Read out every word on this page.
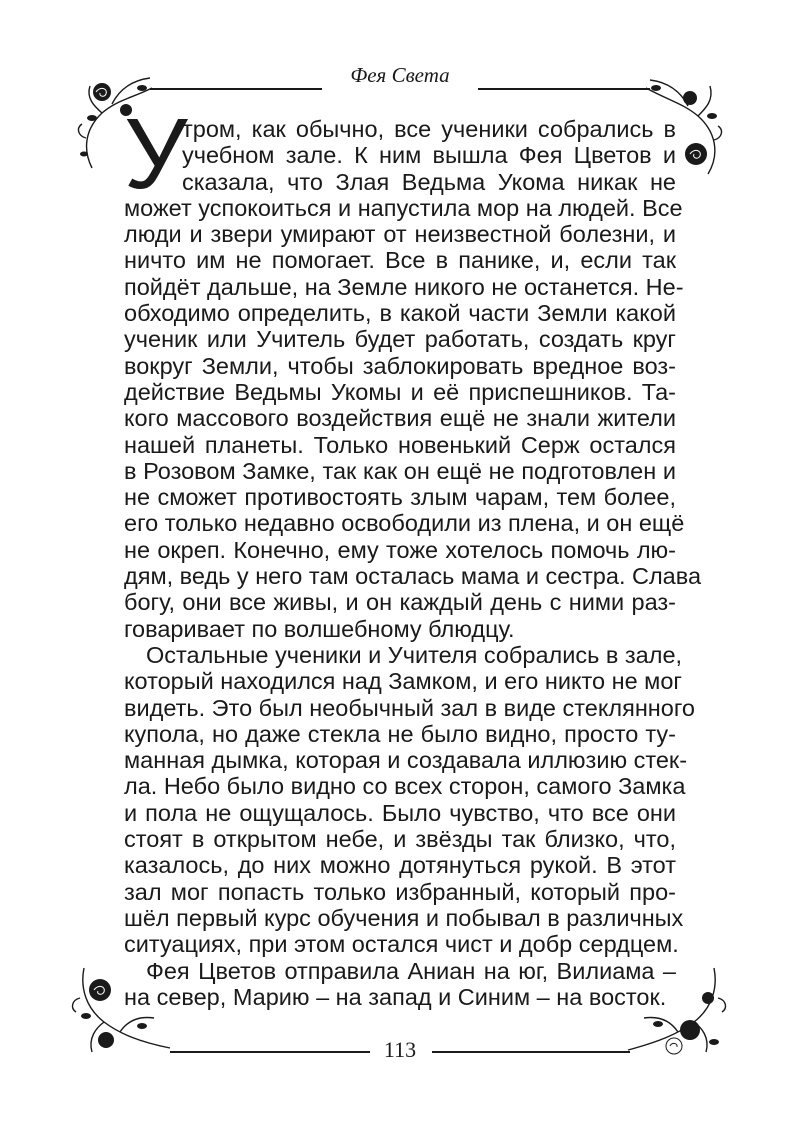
Фея Света
У
тром, как обычно, все ученики собрались в
учебном зале. К ним вышла Фея Цветов и
сказала, что Злая Ведьма Укома никак не
может успокоиться и напустила мор на людей. Все
люди и звери умирают от неизвестной болезни, и
ничто им не помогает. Все в панике, и, если так
пойдёт дальше, на Земле никого не останется. Не-
обходимо определить, в какой части Земли какой
ученик или Учитель будет работать, создать круг
вокруг Земли, чтобы заблокировать вредное воз-
действие Ведьмы Укомы и её приспешников. Та-
кого массового воздействия ещё не знали жители
нашей планеты. Только новенький Серж остался
в Розовом Замке, так как он ещё не подготовлен и
не сможет противостоять злым чарам, тем более,
его только недавно освободили из плена, и он ещё
не окреп. Конечно, ему тоже хотелось помочь лю-
дям, ведь у него там осталась мама и сестра. Слава
богу, они все живы, и он каждый день с ними раз-
говаривает по волшебному блюдцу.
Остальные ученики и Учителя собрались в зале,
который находился над Замком, и его никто не мог
видеть. Это был необычный зал в виде стеклянного
купола, но даже стекла не было видно, просто ту-
манная дымка, которая и создавала иллюзию стек-
ла. Небо было видно со всех сторон, самого Замка
и пола не ощущалось. Было чувство, что все они
стоят в открытом небе, и звёзды так близко, что,
казалось, до них можно дотянуться рукой. В этот
зал мог попасть только избранный, который про-
шёл первый курс обучения и побывал в различных
ситуациях, при этом остался чист и добр сердцем.
Фея Цветов отправила Аниан на юг, Вилиама –
на север, Марию – на запад и Синим – на восток.
113
